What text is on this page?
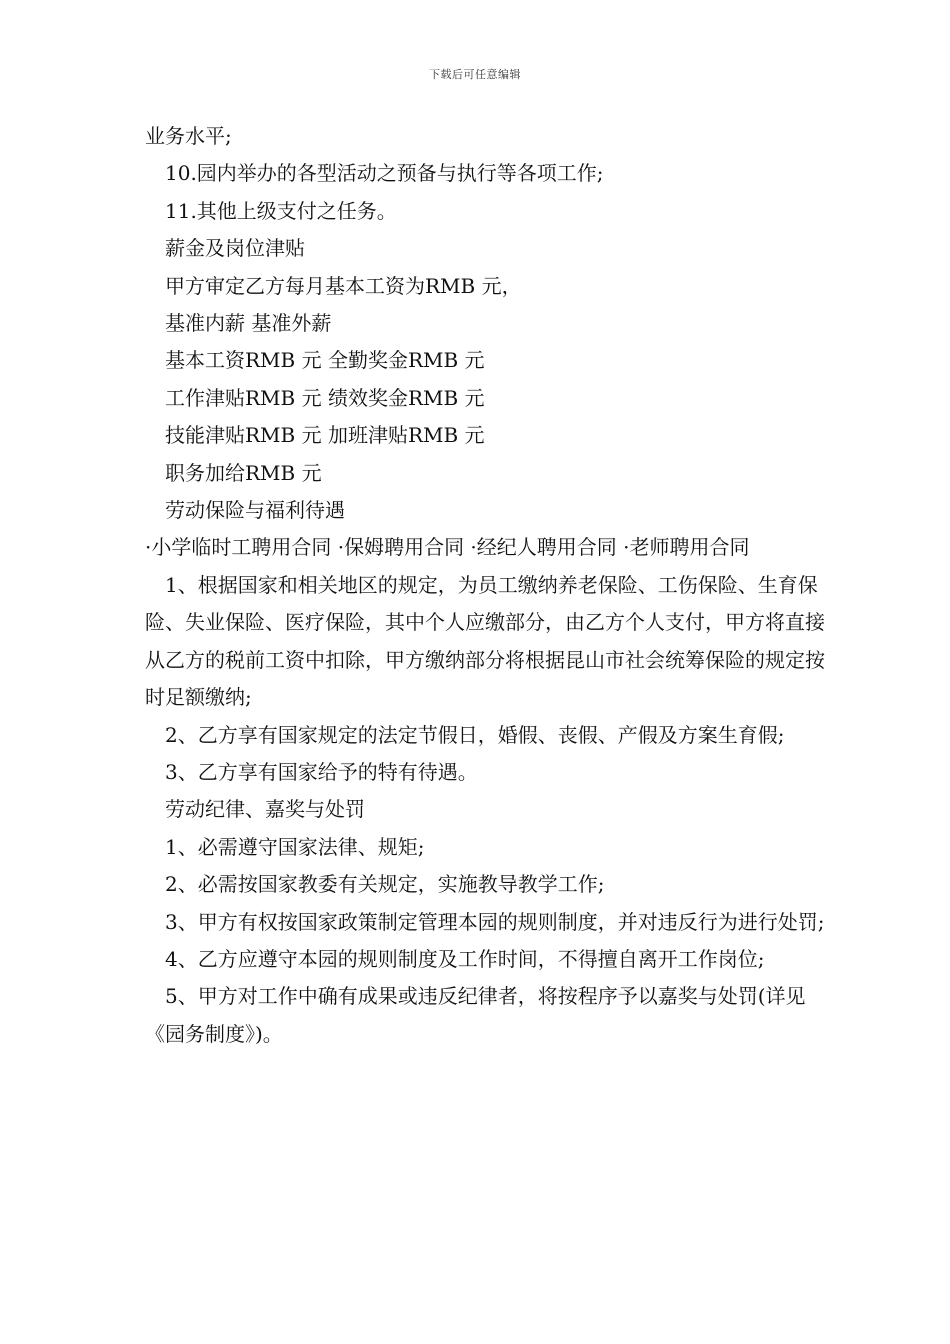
下载后可任意编辑

业务水平;

10.园内举办的各型活动之预备与执行等各项工作;

11.其他上级支付之任务。

薪金及岗位津贴

甲方审定乙方每月基本工资为RMB 元，

基准内薪 基准外薪

基本工资RMB 元 全勤奖金RMB 元

工作津贴RMB 元 绩效奖金RMB 元

技能津贴RMB 元 加班津贴RMB 元

职务加给RMB 元

劳动保险与福利待遇

·小学临时工聘用合同 ·保姆聘用合同 ·经纪人聘用合同 ·老师聘用合同

1、根据国家和相关地区的规定，为员工缴纳养老保险、工伤保险、生育保险、失业保险、医疗保险，其中个人应缴部分，由乙方个人支付，甲方将直接从乙方的税前工资中扣除，甲方缴纳部分将根据昆山市社会统筹保险的规定按时足额缴纳;

2、乙方享有国家规定的法定节假日，婚假、丧假、产假及方案生育假;

3、乙方享有国家给予的特有待遇。

劳动纪律、嘉奖与处罚

1、必需遵守国家法律、规矩;

2、必需按国家教委有关规定，实施教导教学工作;

3、甲方有权按国家政策制定管理本园的规则制度，并对违反行为进行处罚;

4、乙方应遵守本园的规则制度及工作时间，不得擅自离开工作岗位;

5、甲方对工作中确有成果或违反纪律者，将按程序予以嘉奖与处罚(详见《园务制度》)。
